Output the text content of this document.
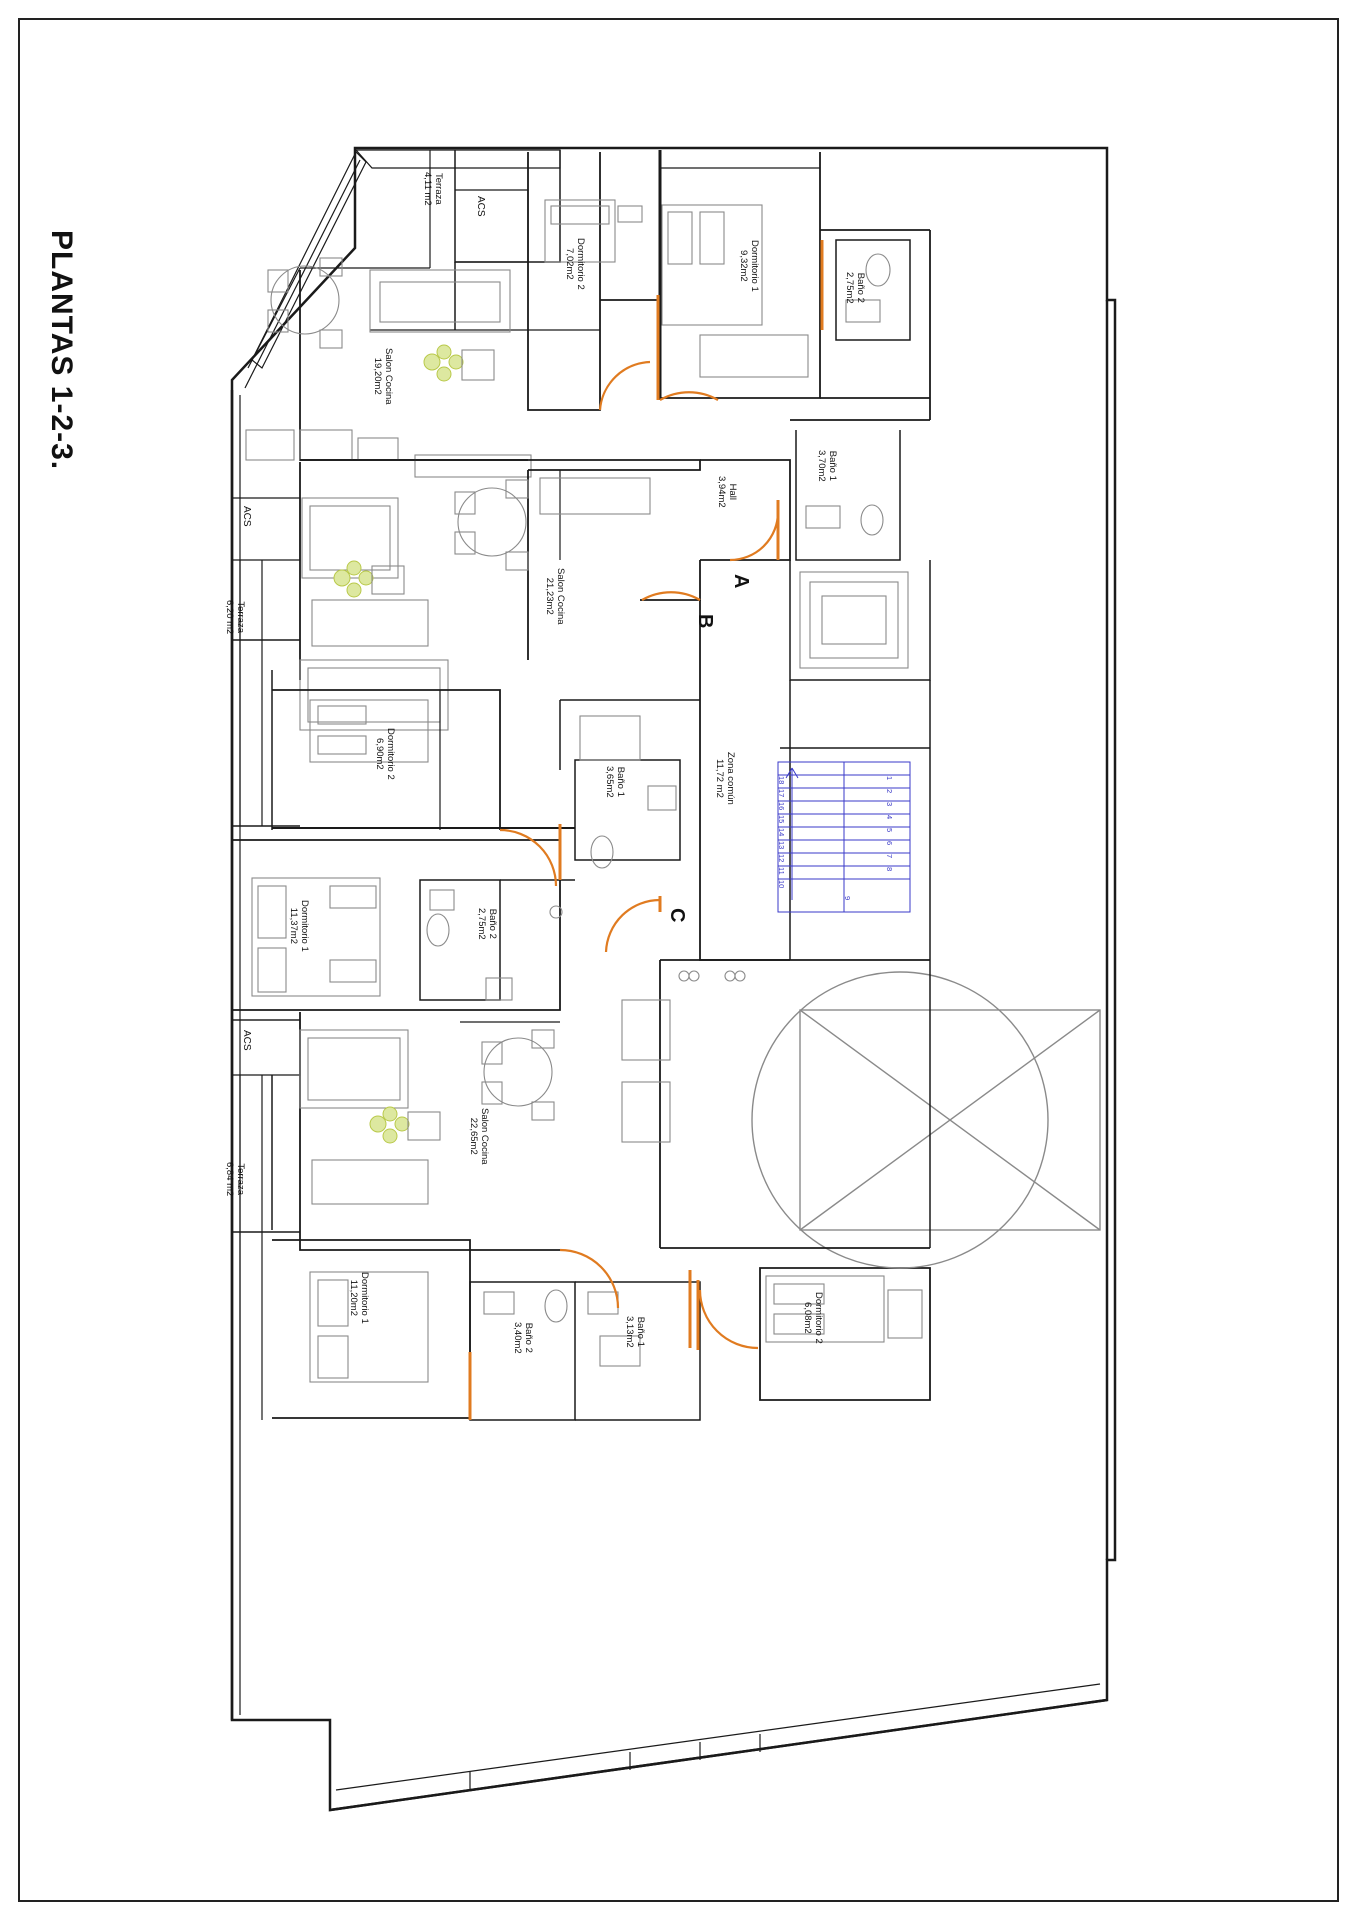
PLANTAS 1-2-3.
Terraza
4,11 m2
ACS
Dormitorio 2
7,02m2	Dormitorio 1
9,32m2
Baño 2
2,75m2
Salon Cocina
19,20m2
Baño 1
3,70m2
Hall
3,94m2
ACS
Terraza
6,20 m2	Salon Cocina
21,23m2
Dormitorio 2
6,90m2
Baño 1
3,65m2	Zona común
11,72 m2
Dormitorio 1
11,37m2	Baño 2
2,75m2
ACS
Terraza
6,84 m2
Salon Cocina
22,65m2
Dormitorio 1
11,20m2
Baño 2
3,40m2	Baño 1
3,13m2	Dormitorio 2
6,08m2
A
B
C
18
17
16
15
14
13
12
11
10
1
2
3
4
5
6
7
8
9
